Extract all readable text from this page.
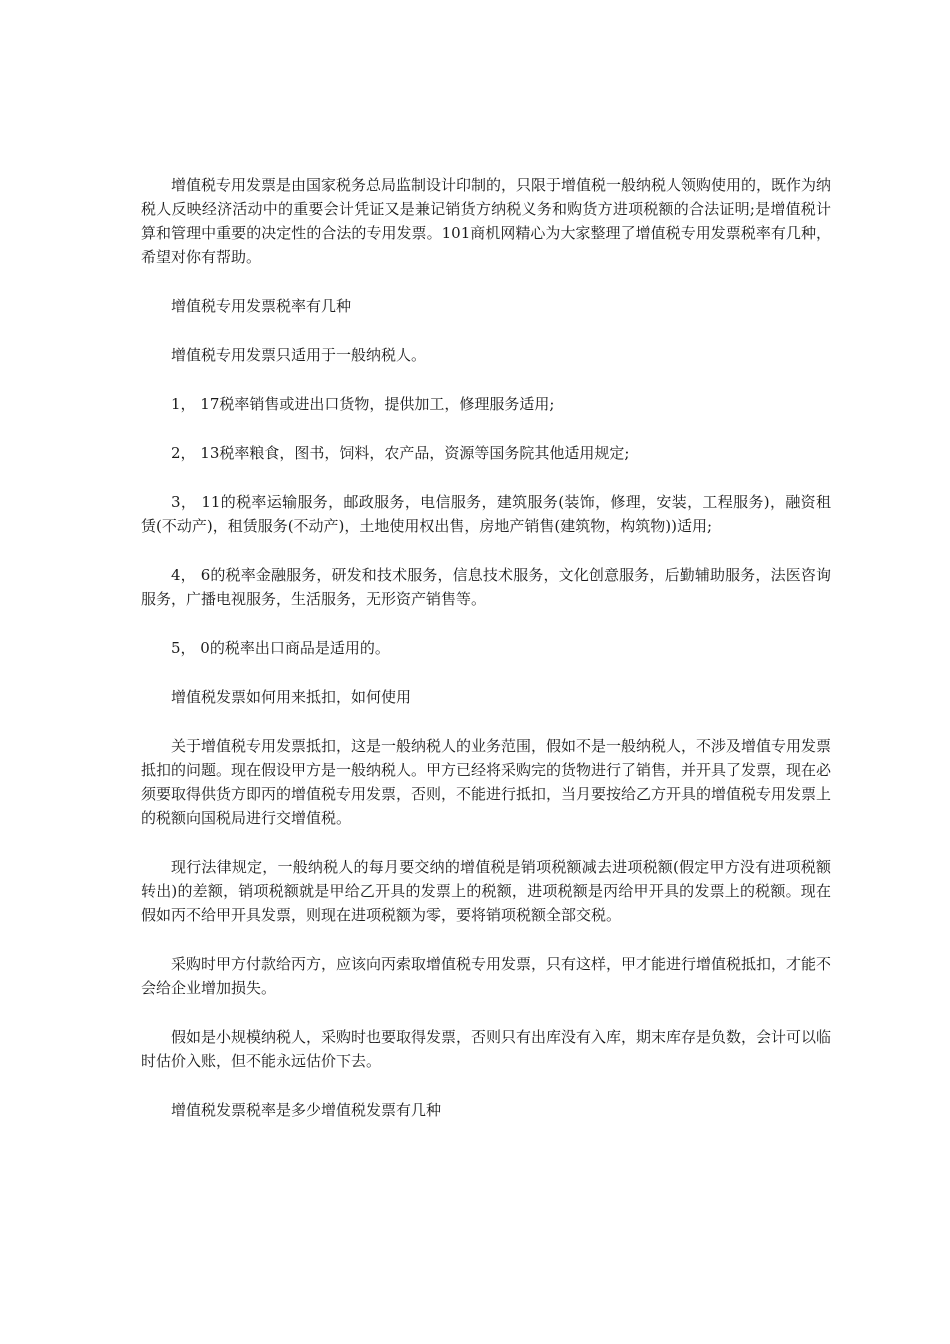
增值税专用发票是由国家税务总局监制设计印制的，只限于增值税一般纳税人领购使用的，既作为纳税人反映经济活动中的重要会计凭证又是兼记销货方纳税义务和购货方进项税额的合法证明;是增值税计算和管理中重要的决定性的合法的专用发票。101商机网精心为大家整理了增值税专用发票税率有几种，希望对你有帮助。

增值税专用发票税率有几种

增值税专用发票只适用于一般纳税人。

1， 17税率销售或进出口货物，提供加工，修理服务适用;

2， 13税率粮食，图书，饲料，农产品，资源等国务院其他适用规定;

3， 11的税率运输服务，邮政服务，电信服务，建筑服务(装饰，修理，安装，工程服务)，融资租赁(不动产)，租赁服务(不动产)，土地使用权出售，房地产销售(建筑物，构筑物))适用;

4， 6的税率金融服务，研发和技术服务，信息技术服务，文化创意服务，后勤辅助服务，法医咨询服务，广播电视服务，生活服务，无形资产销售等。

5， 0的税率出口商品是适用的。

增值税发票如何用来抵扣，如何使用

关于增值税专用发票抵扣，这是一般纳税人的业务范围，假如不是一般纳税人，不涉及增值专用发票抵扣的问题。现在假设甲方是一般纳税人。甲方已经将采购完的货物进行了销售，并开具了发票，现在必须要取得供货方即丙的增值税专用发票，否则，不能进行抵扣，当月要按给乙方开具的增值税专用发票上的税额向国税局进行交增值税。

现行法律规定，一般纳税人的每月要交纳的增值税是销项税额减去进项税额(假定甲方没有进项税额转出)的差额，销项税额就是甲给乙开具的发票上的税额，进项税额是丙给甲开具的发票上的税额。现在假如丙不给甲开具发票，则现在进项税额为零，要将销项税额全部交税。

采购时甲方付款给丙方，应该向丙索取增值税专用发票，只有这样，甲才能进行增值税抵扣，才能不会给企业增加损失。

假如是小规模纳税人，采购时也要取得发票，否则只有出库没有入库，期末库存是负数，会计可以临时估价入账，但不能永远估价下去。

增值税发票税率是多少增值税发票有几种
